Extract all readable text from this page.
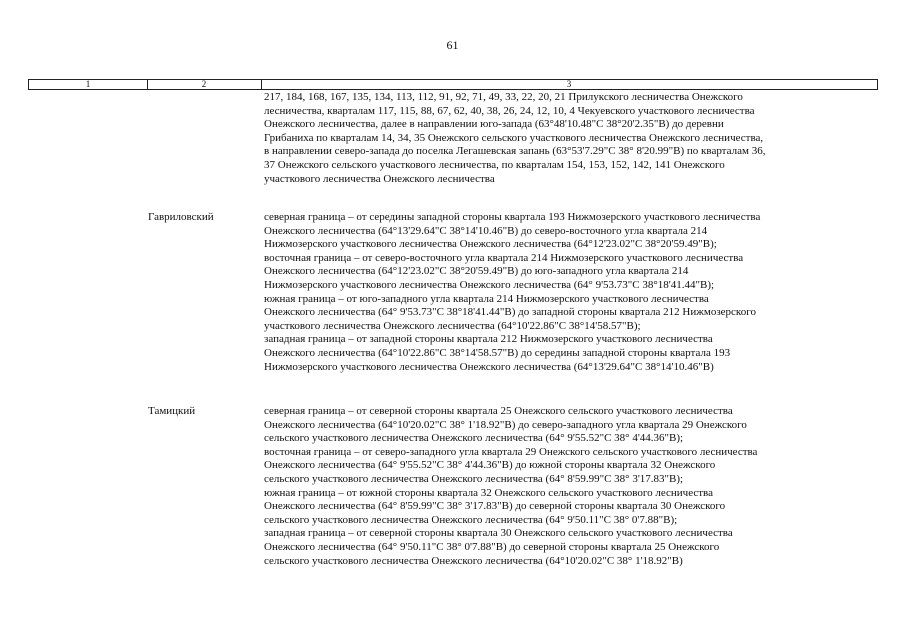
61
1	2	3
217, 184, 168, 167, 135, 134, 113, 112, 91, 92, 71, 49, 33, 22, 20, 21 Прилукского лесничества Онежского
лесничества, кварталам 117, 115, 88, 67, 62, 40, 38, 26, 24, 12, 10, 4 Чекуевского участкового лесничества
Онежского лесничества, далее в направлении юго-запада (63°48'10.48"С 38°20'2.35"В) до деревни
Грибаниха по кварталам 14, 34, 35 Онежского сельского участкового лесничества Онежского лесничества,
в направлении северо-запада до поселка Легашевская запань (63°53'7.29"С 38° 8'20.99"В) по кварталам 36,
37 Онежского сельского участкового лесничества, по кварталам 154, 153, 152, 142, 141 Онежского
участкового лесничества Онежского лесничества
Гавриловский	северная граница – от середины западной стороны квартала 193 Нижмозерского участкового лесничества
Онежского лесничества (64°13'29.64"С 38°14'10.46"В) до северо-восточного угла квартала 214
Нижмозерского участкового лесничества Онежского лесничества (64°12'23.02"С 38°20'59.49"В);
восточная граница – от северо-восточного угла квартала 214 Нижмозерского участкового лесничества
Онежского лесничества (64°12'23.02"С 38°20'59.49"В) до юго-западного угла квартала 214
Нижмозерского участкового лесничества Онежского лесничества (64° 9'53.73"С 38°18'41.44"В);
южная граница – от юго-западного угла квартала 214 Нижмозерского участкового лесничества
Онежского лесничества (64° 9'53.73"С 38°18'41.44"В) до западной стороны квартала 212 Нижмозерского
участкового лесничества Онежского лесничества (64°10'22.86"С 38°14'58.57"В);
западная граница – от западной стороны квартала 212 Нижмозерского участкового лесничества
Онежского лесничества (64°10'22.86"С 38°14'58.57"В) до середины западной стороны квартала 193
Нижмозерского участкового лесничества Онежского лесничества (64°13'29.64"С 38°14'10.46"В)
Тамицкий	северная граница – от северной стороны квартала 25 Онежского сельского участкового лесничества
Онежского лесничества (64°10'20.02"С 38° 1'18.92"В) до северо-западного угла квартала 29 Онежского
сельского участкового лесничества Онежского лесничества (64° 9'55.52"С 38° 4'44.36"В);
восточная граница – от северо-западного угла квартала 29 Онежского сельского участкового лесничества
Онежского лесничества (64° 9'55.52"С 38° 4'44.36"В) до южной стороны квартала 32 Онежского
сельского участкового лесничества Онежского лесничества (64° 8'59.99"С 38° 3'17.83"В);
южная граница – от южной стороны квартала 32 Онежского сельского участкового лесничества
Онежского лесничества (64° 8'59.99"С 38° 3'17.83"В) до северной стороны квартала 30 Онежского
сельского участкового лесничества Онежского лесничества (64° 9'50.11"С 38° 0'7.88"В);
западная граница – от северной стороны квартала 30 Онежского сельского участкового лесничества
Онежского лесничества (64° 9'50.11"С 38° 0'7.88"В) до северной стороны квартала 25 Онежского
сельского участкового лесничества Онежского лесничества (64°10'20.02"С 38° 1'18.92"В)
